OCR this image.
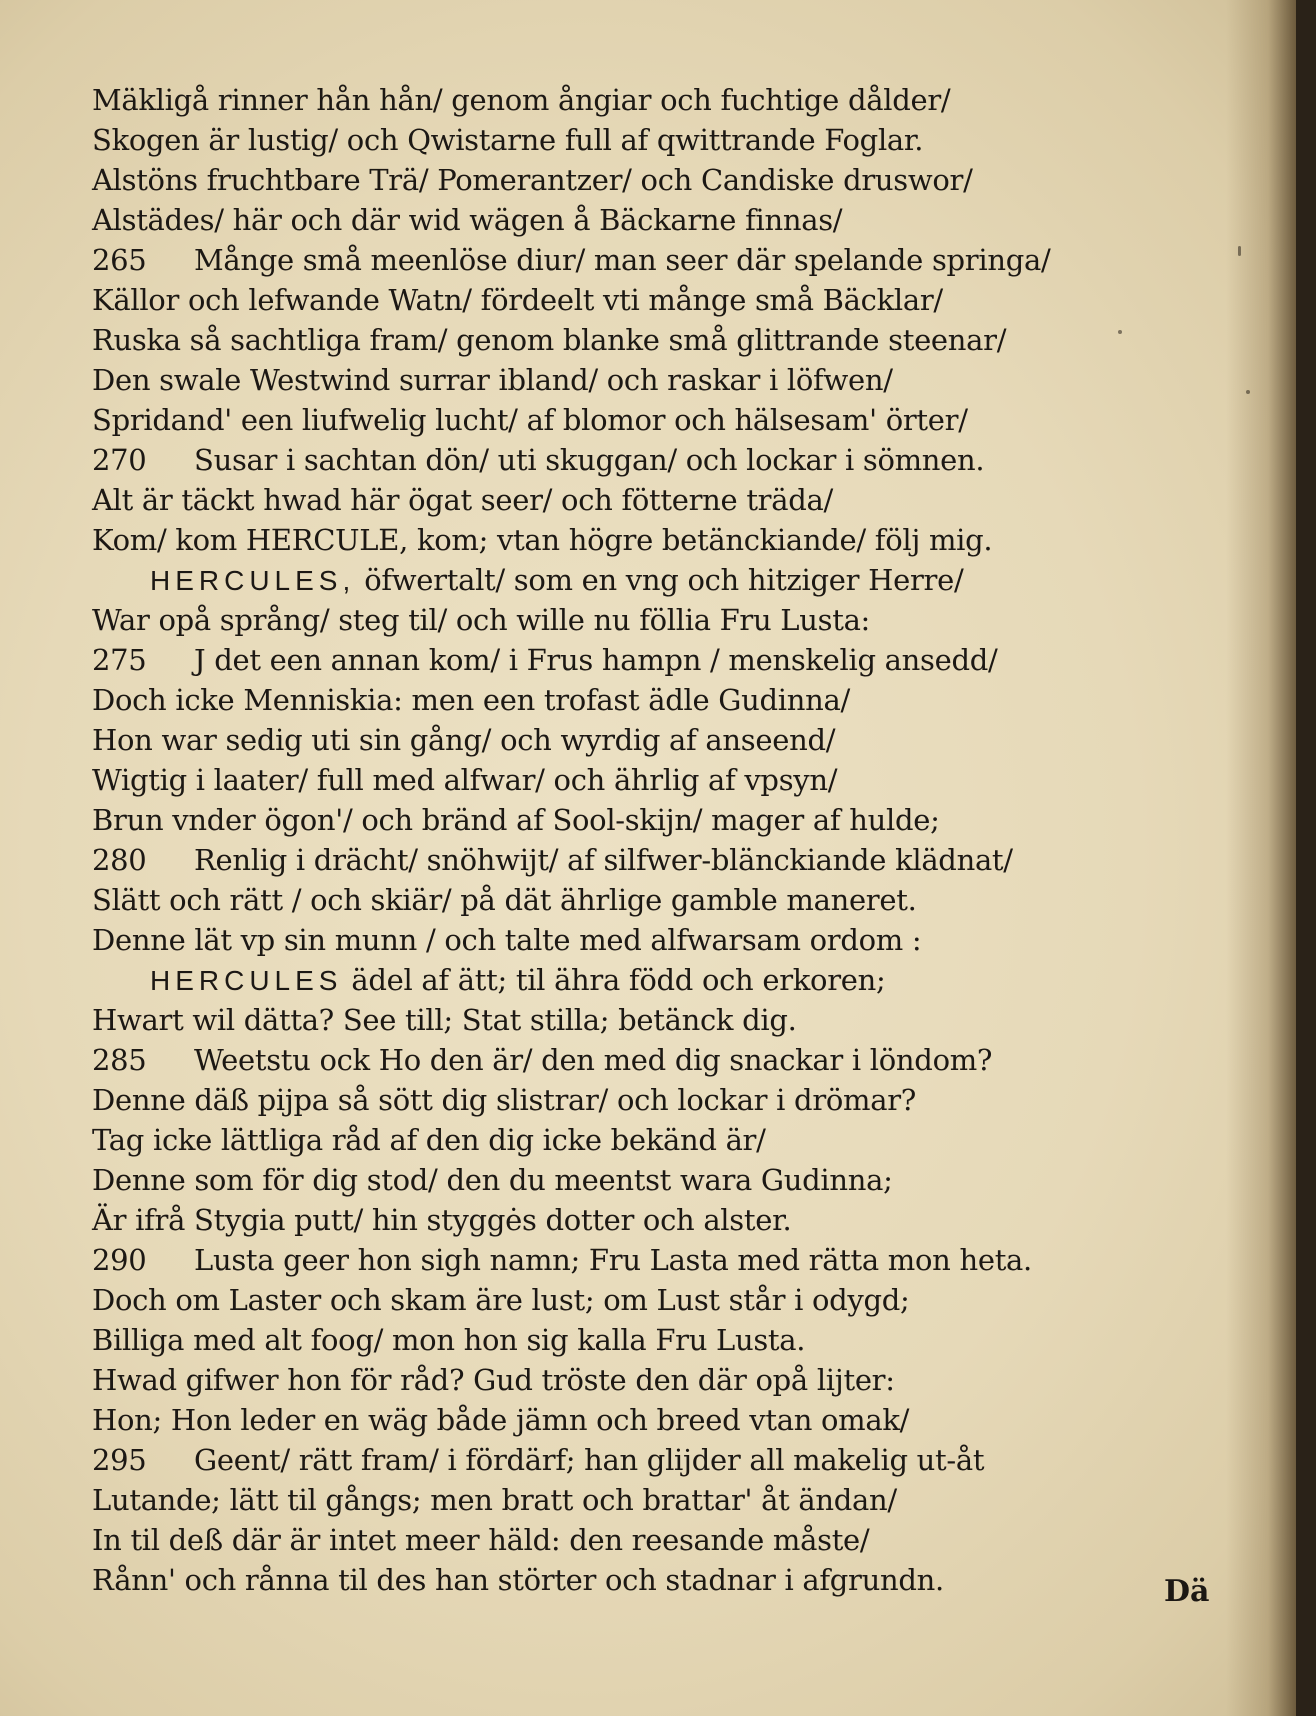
Mäkligå rinner hån hån/ genom ångiar och fuchtige dålder/
Skogen är lustig/ och Qwistarne full af qwittrande Foglar.
Alstöns fruchtbare Trä/ Pomerantzer/ och Candiske druswor/
Alstädes/ här och där wid wägen å Bäckarne finnas/
265	Månge små meenlöse diur/ man seer där spelande springa/
Källor och lefwande Watn/ fördeelt vti månge små Bäcklar/
Ruska så sachtliga fram/ genom blanke små glittrande steenar/
Den swale Westwind surrar ibland/ och raskar i löfwen/
Spridand' een liufwelig lucht/ af blomor och hälsesam' örter/
270	Susar i sachtan dön/ uti skuggan/ och lockar i sömnen.
Alt är täckt hwad här ögat seer/ och fötterne träda/
Kom/ kom HERCULE, kom; vtan högre betänckiande/ följ mig.
HERCULES, öfwertalt/ som en vng och hitziger Herre/
War opå språng/ steg til/ och wille nu föllia Fru Lusta:
275	J det een annan kom/ i Frus hampn / menskelig ansedd/
Doch icke Menniskia: men een trofast ädle Gudinna/
Hon war sedig uti sin gång/ och wyrdig af anseend/
Wigtig i laater/ full med alfwar/ och ährlig af vpsyn/
Brun vnder ögon'/ och bränd af Sool-skijn/ mager af hulde;
280	Renlig i drächt/ snöhwijt/ af silfwer-blänckiande klädnat/
Slätt och rätt / och skiär/ på dät ährlige gamble maneret.
Denne lät vp sin munn / och talte med alfwarsam ordom :
HERCULES ädel af ätt; til ähra född och erkoren;
Hwart wil dätta? See till; Stat stilla; betänck dig.
285	Weetstu ock Ho den är/ den med dig snackar i löndom?
Denne däß pijpa så sött dig slistrar/ och lockar i drömar?
Tag icke lättliga råd af den dig icke bekänd är/
Denne som för dig stod/ den du meentst wara Gudinna;
Är ifrå Stygia putt/ hin styggės dotter och alster.
290	Lusta geer hon sigh namn; Fru Lasta med rätta mon heta.
Doch om Laster och skam äre lust; om Lust står i odygd;
Billiga med alt foog/ mon hon sig kalla Fru Lusta.
Hwad gifwer hon för råd? Gud tröste den där opå lijter:
Hon; Hon leder en wäg både jämn och breed vtan omak/
295	Geent/ rätt fram/ i fördärf; han glijder all makelig ut-åt
Lutande; lätt til gångs; men bratt och brattar' åt ändan/
In til deß där är intet meer häld: den reesande måste/
Rånn' och rånna til des han störter och stadnar i afgrundn.	Dä
